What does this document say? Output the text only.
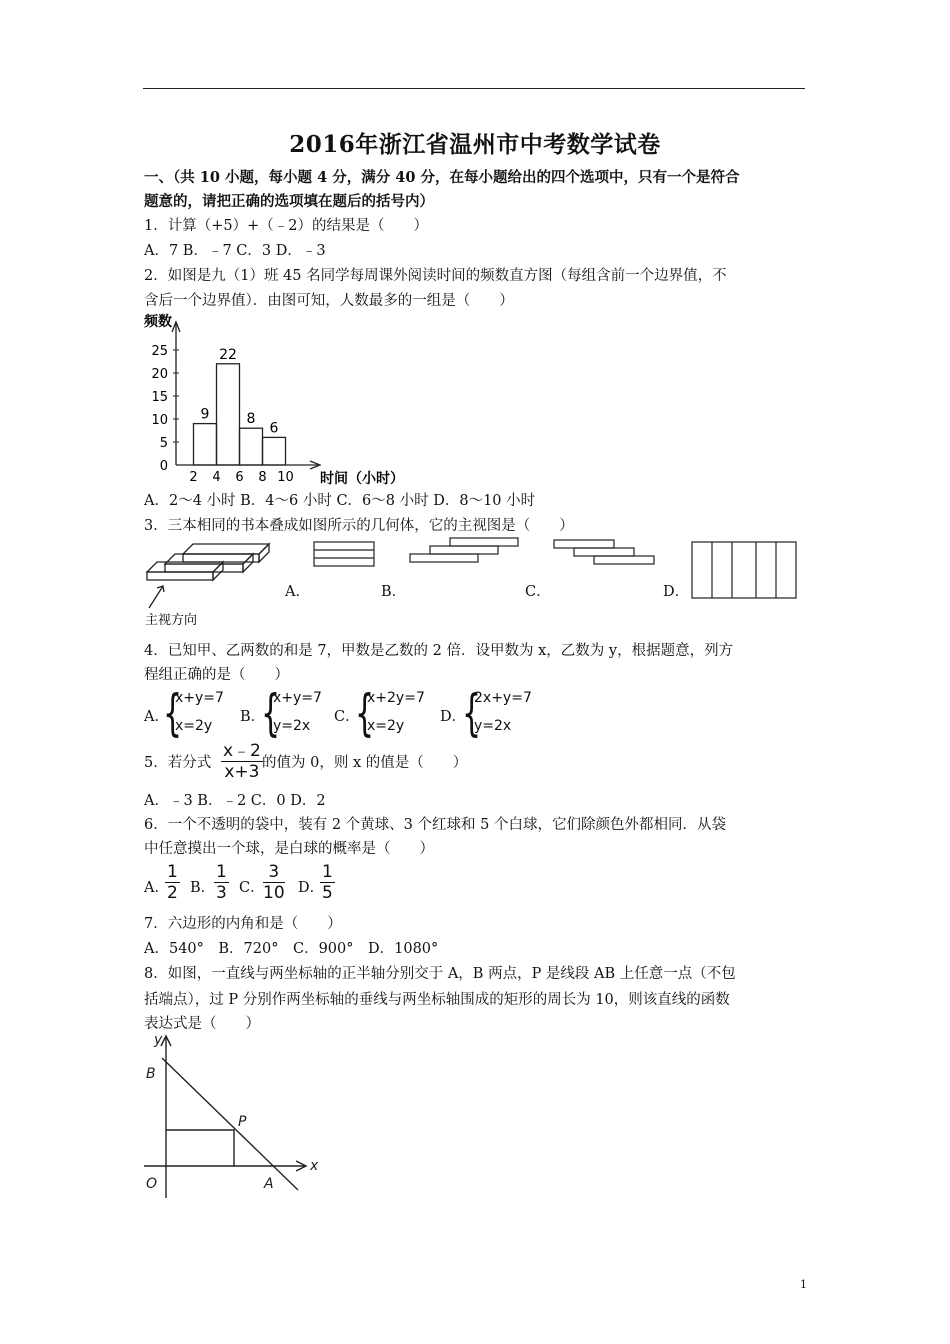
2016年浙江省温州市中考数学试卷
一、（共 10 小题，每小题 4 分，满分 40 分，在每小题给出的四个选项中，只有一个是符合
题意的，请把正确的选项填在题后的括号内）
1．计算（+5）+（﹣2）的结果是（　　）
A．7 B．﹣7 C．3 D．﹣3
2．如图是九（1）班 45 名同学每周课外阅读时间的频数直方图（每组含前一个边界值，不
含后一个边界值）．由图可知，人数最多的一组是（　　）
0
5
10
15
20
25
9
22
8
6
2 4 6 8 10
频数
时间（小时）
A．2～4 小时 B．4～6 小时 C．6～8 小时 D．8～10 小时
3．三本相同的书本叠成如图所示的几何体，它的主视图是（　　）
主视方向
A．	B．	C．	D．
4．已知甲、乙两数的和是 7，甲数是乙数的 2 倍．设甲数为 x，乙数为 y，根据题意，列方
程组正确的是（　　）
A．
{
x+y=7
x=2y
B．
{
x+y=7
y=2x
C．
{
x+2y=7
x=2y
D．
{
2x+y=7
y=2x
5．若分式 $\frac{x﹣2}{x+3}$ 的值为 0，则 x 的值是（　　）
A．﹣3 B．﹣2 C．0 D．2
6．一个不透明的袋中，装有 2 个黄球、3 个红球和 5 个白球，它们除颜色外都相同．从袋
中任意摸出一个球，是白球的概率是（　　）
A．
$\frac{1}{2}$ B．
$\frac{1}{3}$ C．
$\frac{3}{10}$ D．
$\frac{1}{5}$
7．六边形的内角和是（　　）
A．540°　B．720°　C．900°　D．1080°
8．如图，一直线与两坐标轴的正半轴分别交于 A，B 两点，P 是线段 AB 上任意一点（不包
括端点），过 P 分别作两坐标轴的垂线与两坐标轴围成的矩形的周长为 10，则该直线的函数
表达式是（　　）
y
x
B
P
O	A
1
